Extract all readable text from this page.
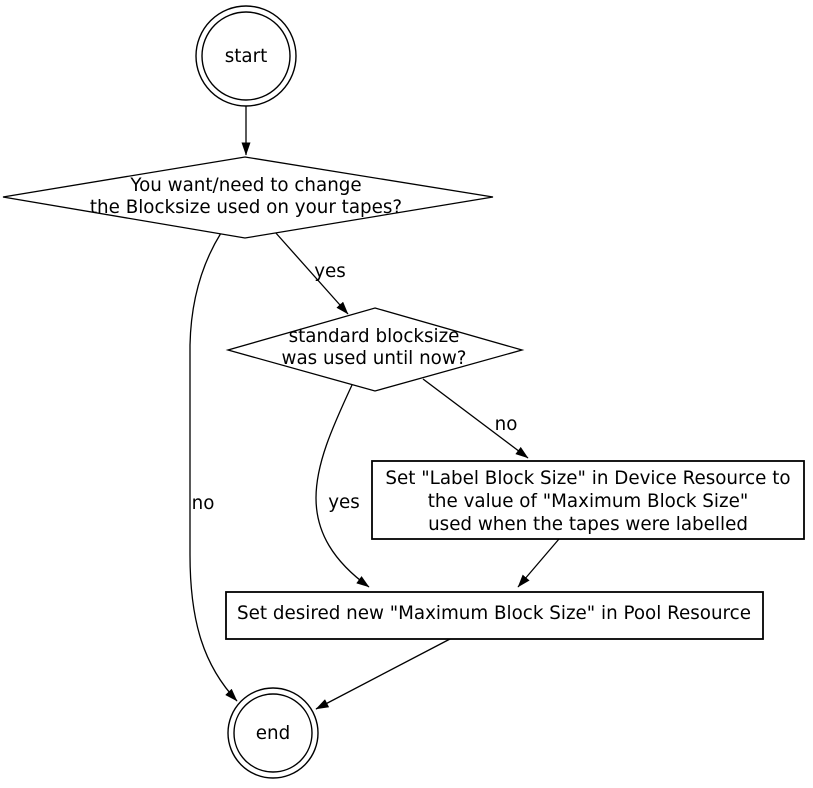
yes
no	yes
no
start
You want/need to change
the Blocksize used on your tapes?
standard blocksize
was used until now?
Set "Label Block Size" in Device Resource to
the value of "Maximum Block Size"
used when the tapes were labelled
Set desired new "Maximum Block Size" in Pool Resource
end
